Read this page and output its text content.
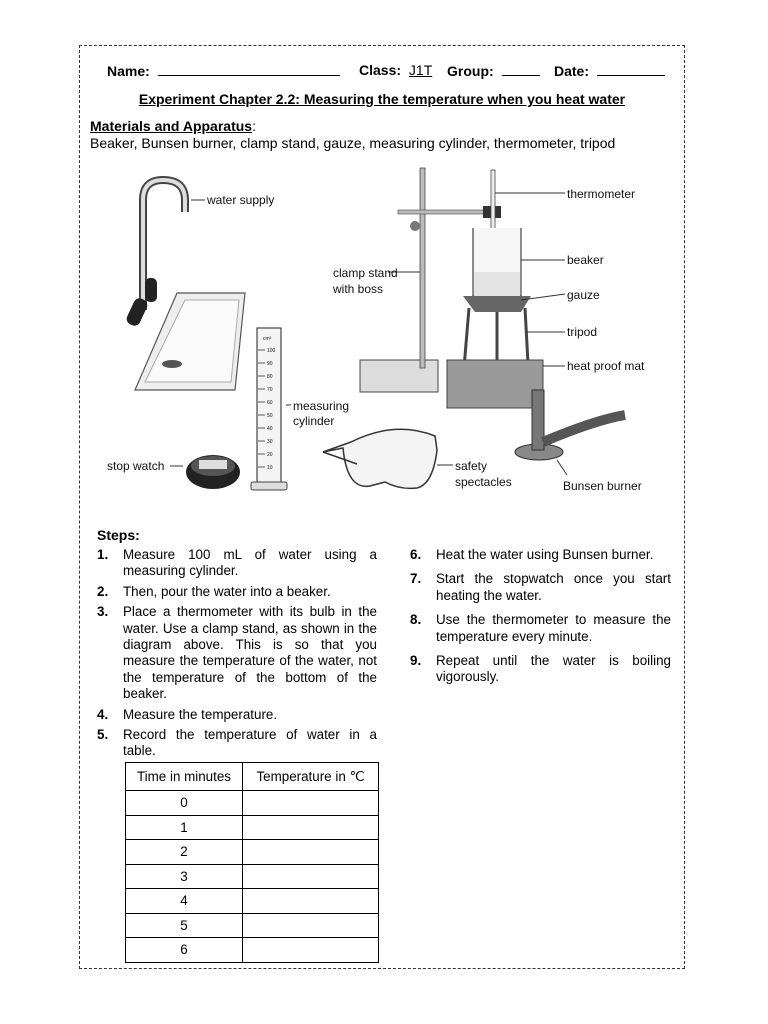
Name:	Class: J1T Group:	Date:
Experiment Chapter 2.2: Measuring the temperature when you heat water
Materials and Apparatus:
Beaker, Bunsen burner, clamp stand, gauze, measuring cylinder, thermometer, tripod
water supply
cm³
100
90
80
70
60
50
40
30
20
10
measuring
cylinder
stop watch
clamp stand
with boss
thermometer
beaker
gauze
tripod
heat proof mat
safety
spectacles	Bunsen burner
Steps:
1. Measure 100 mL of water using a measuring cylinder.
2. Then, pour the water into a beaker.
3. Place a thermometer with its bulb in the water. Use a clamp stand, as shown in the diagram above. This is so that you measure the temperature of the water, not the temperature of the bottom of the beaker.
4. Measure the temperature.
5. Record the temperature of water in a table.
6. Heat the water using Bunsen burner.
7. Start the stopwatch once you start heating the water.
8. Use the thermometer to measure the temperature every minute.
9. Repeat until the water is boiling vigorously.
Time in minutes	Temperature in ℃
0	
1	
2	
3	
4	
5	
6	
